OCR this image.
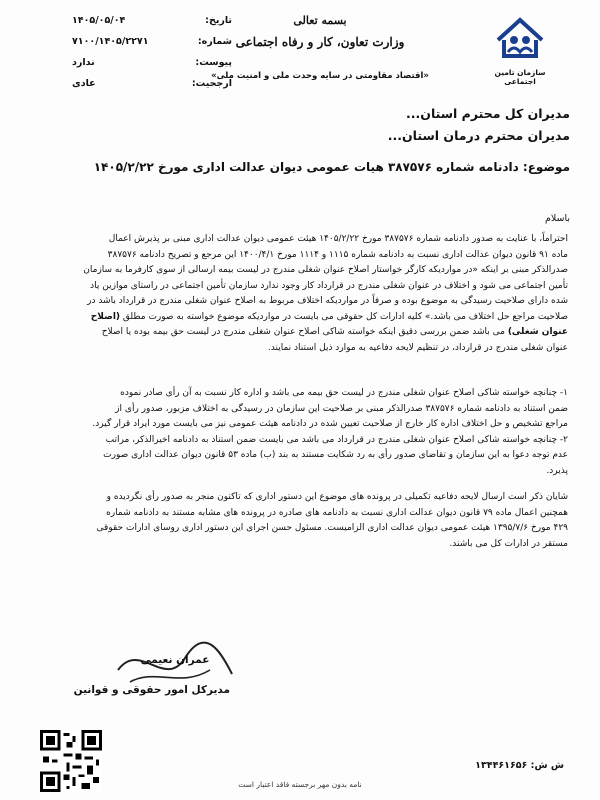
تاریخ:
۱۴۰۵/۰۵/۰۴
شماره:
۷۱۰۰/۱۴۰۵/۲۲۷۱
پیوست:
ندارد
ارجحیت:
عادی
بسمه تعالی
وزارت تعاون، کار و رفاه اجتماعی
«اقتصاد مقاومتی در سایه وحدت ملی و امنیت ملی»	سازمان تامین اجتماعی
مدیران کل محترم استان...
مدیران محترم درمان استان...
موضوع: دادنامه شماره ۳۸۷۵۷۶ هیات عمومی دیوان عدالت اداری مورخ ۱۴۰۵/۲/۲۲
باسلام
احتراماً، با عنایت به صدور دادنامه شماره ۳۸۷۵۷۶ مورخ ۱۴۰۵/۲/۲۲ هیئت عمومی دیوان عدالت اداری مبنی بر پذیرش اعمال
ماده ۹۱ قانون دیوان عدالت اداری نسبت به دادنامه شماره ۱۱۱۵ و ۱۱۱۴ مورخ ۱۴۰۰/۴/۱ این مرجع و تصریح دادنامه ۳۸۷۵۷۶
صدرالذکر مبنی بر اینکه «در مواردیکه کارگر خواستار اصلاح عنوان شغلی مندرج در لیست بیمه ارسالی از سوی کارفرما به سازمان
تأمین اجتماعی می شود و اختلاف در عنوان شغلی مندرج در قرارداد کار وجود ندارد سازمان تأمین اجتماعی در راستای موازین یاد
شده دارای صلاحیت رسیدگی به موضوع بوده و صرفاً در مواردیکه اختلاف مربوط به اصلاح عنوان شغلی مندرج در قرارداد باشد در
صلاحیت مراجع حل اختلاف می باشد.» کلیه ادارات کل حقوقی می بایست در مواردیکه موضوع خواسته به صورت مطلق (اصلاح
عنوان شغلی) می باشد ضمن بررسی دقیق اینکه خواسته شاکی اصلاح عنوان شغلی مندرج در لیست حق بیمه بوده یا اصلاح
عنوان شغلی مندرج در قرارداد، در تنظیم لایحه دفاعیه به موارد ذیل استناد نمایند.
۱- چنانچه خواسته شاکی اصلاح عنوان شغلی مندرج در لیست حق بیمه می باشد و اداره کار نسبت به آن رأی صادر نموده
ضمن استناد به دادنامه شماره ۳۸۷۵۷۶ صدرالذکر مبنی بر صلاحیت این سازمان در رسیدگی به اختلاف مزبور، صدور رأی از
مراجع تشخیص و حل اختلاف اداره کار خارج از صلاحیت تعیین شده در دادنامه هیئت عمومی نیز می بایست مورد ایراد قرار گیرد.
۲- چنانچه خواسته شاکی اصلاح عنوان شغلی مندرج در قرارداد می باشد می بایست ضمن استناد به دادنامه اخیرالذکر، مراتب
عدم توجه دعوا به این سازمان و تقاضای صدور رأی به رد شکایت مستند به بند (ب) ماده ۵۳ قانون دیوان عدالت اداری صورت
پذیرد.
شایان ذکر است ارسال لایحه دفاعیه تکمیلی در پرونده های موضوع این دستور اداری که تاکنون منجر به صدور رأی نگردیده و
همچنین اعمال ماده ۷۹ قانون دیوان عدالت اداری نسبت به دادنامه های صادره در پرونده های مشابه مستند به دادنامه شماره
۴۲۹ مورخ ۱۳۹۵/۷/۶ هیئت عمومی دیوان عدالت اداری الزامیست. مسئول حسن اجرای این دستور اداری روسای ادارات حقوقی
مستقر در ادارات کل می باشند.
عمران نعیمی
مدیرکل امور حقوقی و قوانین
ش ش: ۱۳۴۴۶۱۶۵۶
نامه بدون مهر برجسته فاقد اعتبار است
